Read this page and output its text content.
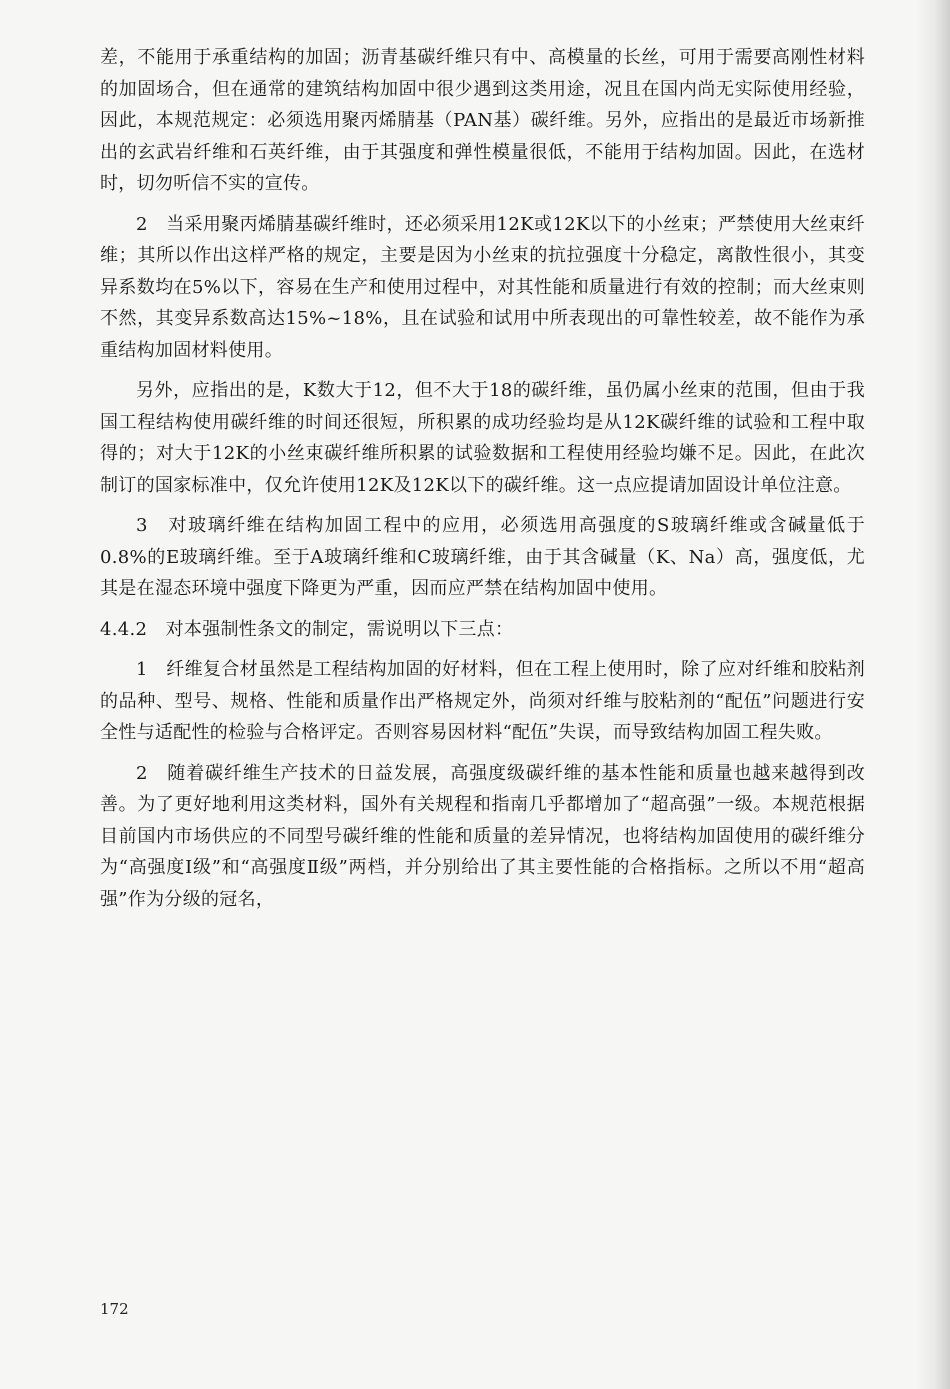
差，不能用于承重结构的加固；沥青基碳纤维只有中、高模量的长丝，可用于需要高刚性材料的加固场合，但在通常的建筑结构加固中很少遇到这类用途，况且在国内尚无实际使用经验，因此，本规范规定：必须选用聚丙烯腈基（PAN基）碳纤维。另外，应指出的是最近市场新推出的玄武岩纤维和石英纤维，由于其强度和弹性模量很低，不能用于结构加固。因此，在选材时，切勿听信不实的宣传。

2　当采用聚丙烯腈基碳纤维时，还必须采用12K或12K以下的小丝束；严禁使用大丝束纤维；其所以作出这样严格的规定，主要是因为小丝束的抗拉强度十分稳定，离散性很小，其变异系数均在5%以下，容易在生产和使用过程中，对其性能和质量进行有效的控制；而大丝束则不然，其变异系数高达15%~18%，且在试验和试用中所表现出的可靠性较差，故不能作为承重结构加固材料使用。

另外，应指出的是，K数大于12，但不大于18的碳纤维，虽仍属小丝束的范围，但由于我国工程结构使用碳纤维的时间还很短，所积累的成功经验均是从12K碳纤维的试验和工程中取得的；对大于12K的小丝束碳纤维所积累的试验数据和工程使用经验均嫌不足。因此，在此次制订的国家标准中，仅允许使用12K及12K以下的碳纤维。这一点应提请加固设计单位注意。

3　对玻璃纤维在结构加固工程中的应用，必须选用高强度的S玻璃纤维或含碱量低于0.8%的E玻璃纤维。至于A玻璃纤维和C玻璃纤维，由于其含碱量（K、Na）高，强度低，尤其是在湿态环境中强度下降更为严重，因而应严禁在结构加固中使用。

4.4.2　对本强制性条文的制定，需说明以下三点：

1　纤维复合材虽然是工程结构加固的好材料，但在工程上使用时，除了应对纤维和胶粘剂的品种、型号、规格、性能和质量作出严格规定外，尚须对纤维与胶粘剂的“配伍”问题进行安全性与适配性的检验与合格评定。否则容易因材料“配伍”失误，而导致结构加固工程失败。

2　随着碳纤维生产技术的日益发展，高强度级碳纤维的基本性能和质量也越来越得到改善。为了更好地利用这类材料，国外有关规程和指南几乎都增加了“超高强”一级。本规范根据目前国内市场供应的不同型号碳纤维的性能和质量的差异情况，也将结构加固使用的碳纤维分为“高强度Ⅰ级”和“高强度Ⅱ级”两档，并分别给出了其主要性能的合格指标。之所以不用“超高强”作为分级的冠名，

172
